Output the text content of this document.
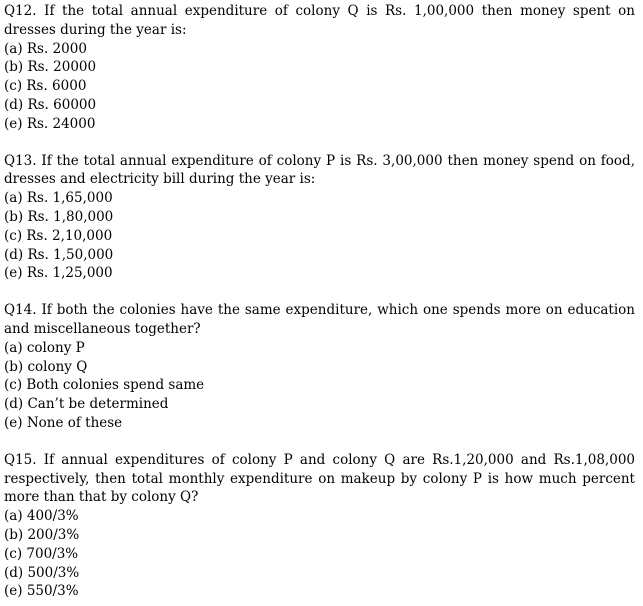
Q12. If the total annual expenditure of colony Q is Rs. 1,00,000 then money spent on dresses during the year is:

(a) Rs. 2000
(b) Rs. 20000
(c) Rs. 6000
(d) Rs. 60000
(e) Rs. 24000

Q13. If the total annual expenditure of colony P is Rs. 3,00,000 then money spend on food, dresses and electricity bill during the year is:

(a) Rs. 1,65,000
(b) Rs. 1,80,000
(c) Rs. 2,10,000
(d) Rs. 1,50,000
(e) Rs. 1,25,000

Q14. If both the colonies have the same expenditure, which one spends more on education and miscellaneous together?

(a) colony P
(b) colony Q
(c) Both colonies spend same
(d) Can’t be determined
(e) None of these

Q15. If annual expenditures of colony P and colony Q are Rs.1,20,000 and Rs.1,08,000 respectively, then total monthly expenditure on makeup by colony P is how much percent more than that by colony Q?

(a) 400/3%
(b) 200/3%
(c) 700/3%
(d) 500/3%
(e) 550/3%
